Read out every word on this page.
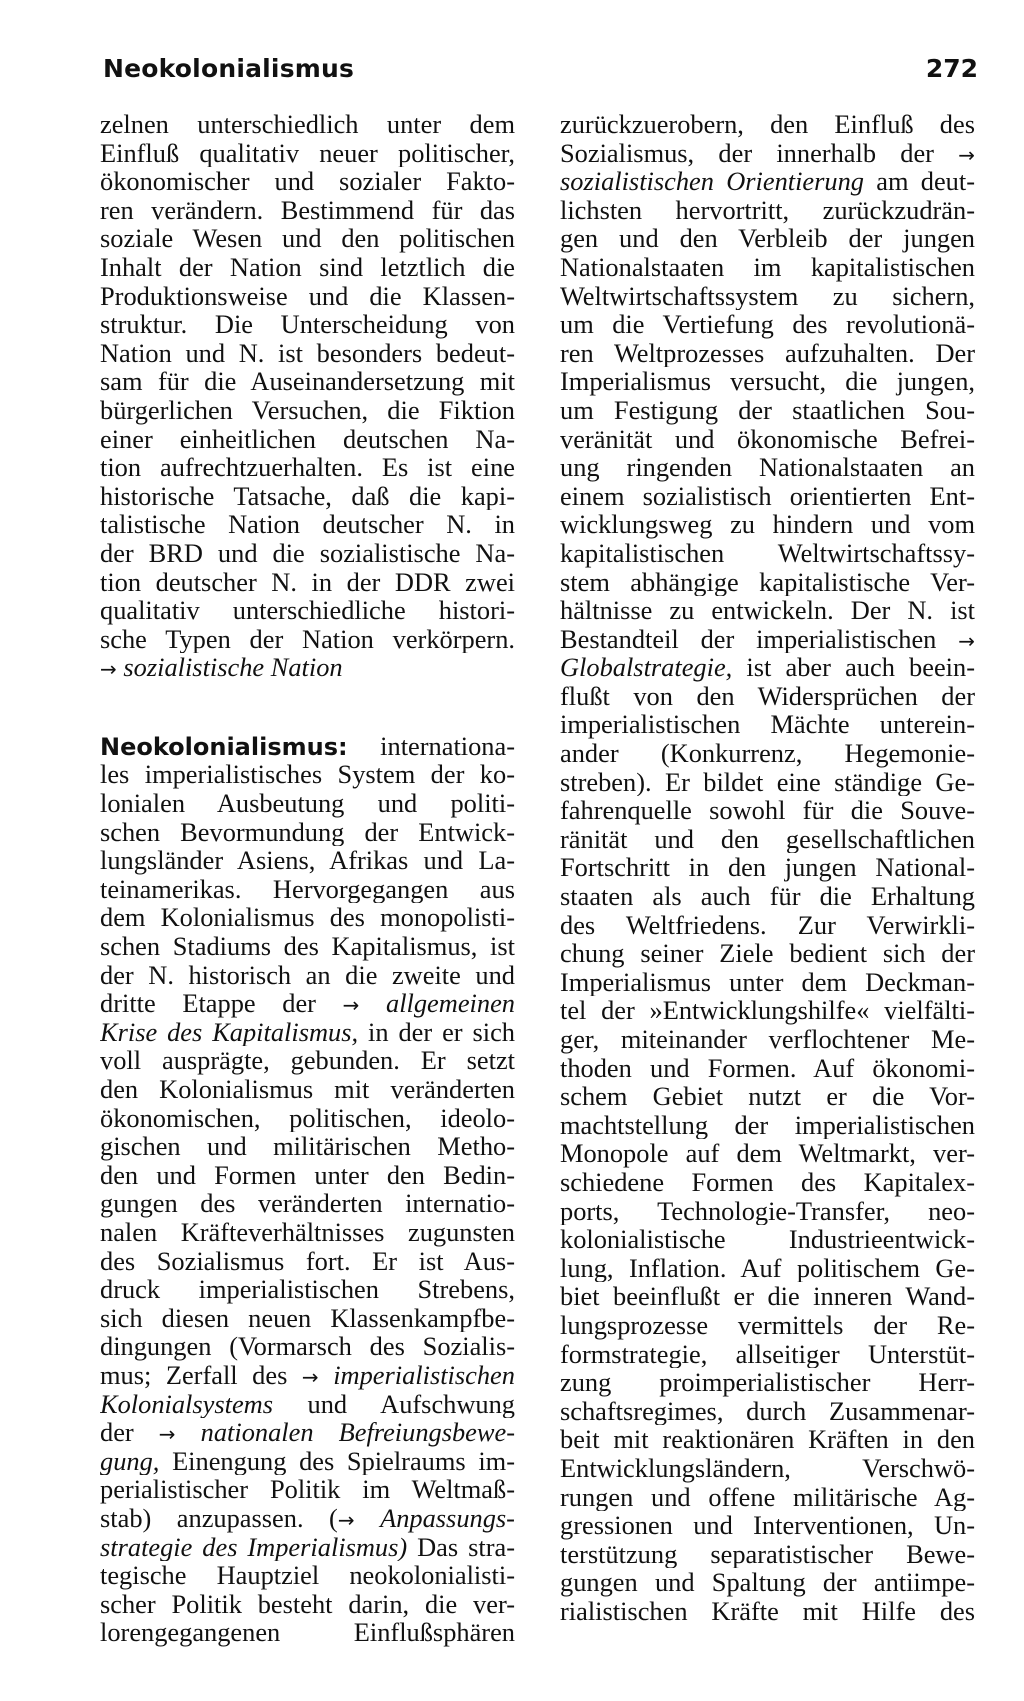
Neokolonialismus	272
zelnen unterschiedlich unter dem
Einfluß qualitativ neuer politischer,
ökonomischer und sozialer Fakto-
ren verändern. Bestimmend für das
soziale Wesen und den politischen
Inhalt der Nation sind letztlich die
Produktionsweise und die Klassen-
struktur. Die Unterscheidung von
Nation und N. ist besonders bedeut-
sam für die Auseinandersetzung mit
bürgerlichen Versuchen, die Fiktion
einer einheitlichen deutschen Na-
tion aufrechtzuerhalten. Es ist eine
historische Tatsache, daß die kapi-
talistische Nation deutscher N. in
der BRD und die sozialistische Na-
tion deutscher N. in der DDR zwei
qualitativ unterschiedliche histori-
sche Typen der Nation verkörpern.
→ sozialistische Nation
Neokolonialismus: internationa-
les imperialistisches System der ko-
lonialen Ausbeutung und politi-
schen Bevormundung der Entwick-
lungsländer Asiens, Afrikas und La-
teinamerikas. Hervorgegangen aus
dem Kolonialismus des monopolisti-
schen Stadiums des Kapitalismus, ist
der N. historisch an die zweite und
dritte Etappe der → allgemeinen
Krise des Kapitalismus, in der er sich
voll ausprägte, gebunden. Er setzt
den Kolonialismus mit veränderten
ökonomischen, politischen, ideolo-
gischen und militärischen Metho-
den und Formen unter den Bedin-
gungen des veränderten internatio-
nalen Kräfteverhältnisses zugunsten
des Sozialismus fort. Er ist Aus-
druck imperialistischen Strebens,
sich diesen neuen Klassenkampfbe-
dingungen (Vormarsch des Sozialis-
mus; Zerfall des → imperialistischen
Kolonialsystems und Aufschwung
der → nationalen Befreiungsbewe-
gung, Einengung des Spielraums im-
perialistischer Politik im Weltmaß-
stab) anzupassen. (→ Anpassungs-
strategie des Imperialismus) Das stra-
tegische Hauptziel neokolonialisti-
scher Politik besteht darin, die ver-
lorengegangenen Einflußsphären
zurückzuerobern, den Einfluß des
Sozialismus, der innerhalb der →
sozialistischen Orientierung am deut-
lichsten hervortritt, zurückzudrän-
gen und den Verbleib der jungen
Nationalstaaten im kapitalistischen
Weltwirtschaftssystem zu sichern,
um die Vertiefung des revolutionä-
ren Weltprozesses aufzuhalten. Der
Imperialismus versucht, die jungen,
um Festigung der staatlichen Sou-
veränität und ökonomische Befrei-
ung ringenden Nationalstaaten an
einem sozialistisch orientierten Ent-
wicklungsweg zu hindern und vom
kapitalistischen Weltwirtschaftssy-
stem abhängige kapitalistische Ver-
hältnisse zu entwickeln. Der N. ist
Bestandteil der imperialistischen →
Globalstrategie, ist aber auch beein-
flußt von den Widersprüchen der
imperialistischen Mächte unterein-
ander (Konkurrenz, Hegemonie-
streben). Er bildet eine ständige Ge-
fahrenquelle sowohl für die Souve-
ränität und den gesellschaftlichen
Fortschritt in den jungen National-
staaten als auch für die Erhaltung
des Weltfriedens. Zur Verwirkli-
chung seiner Ziele bedient sich der
Imperialismus unter dem Deckman-
tel der »Entwicklungshilfe« vielfälti-
ger, miteinander verflochtener Me-
thoden und Formen. Auf ökonomi-
schem Gebiet nutzt er die Vor-
machtstellung der imperialistischen
Monopole auf dem Weltmarkt, ver-
schiedene Formen des Kapitalex-
ports, Technologie-Transfer, neo-
kolonialistische Industrieentwick-
lung, Inflation. Auf politischem Ge-
biet beeinflußt er die inneren Wand-
lungsprozesse vermittels der Re-
formstrategie, allseitiger Unterstüt-
zung proimperialistischer Herr-
schaftsregimes, durch Zusammenar-
beit mit reaktionären Kräften in den
Entwicklungsländern, Verschwö-
rungen und offene militärische Ag-
gressionen und Interventionen, Un-
terstützung separatistischer Bewe-
gungen und Spaltung der antiimpe-
rialistischen Kräfte mit Hilfe des
